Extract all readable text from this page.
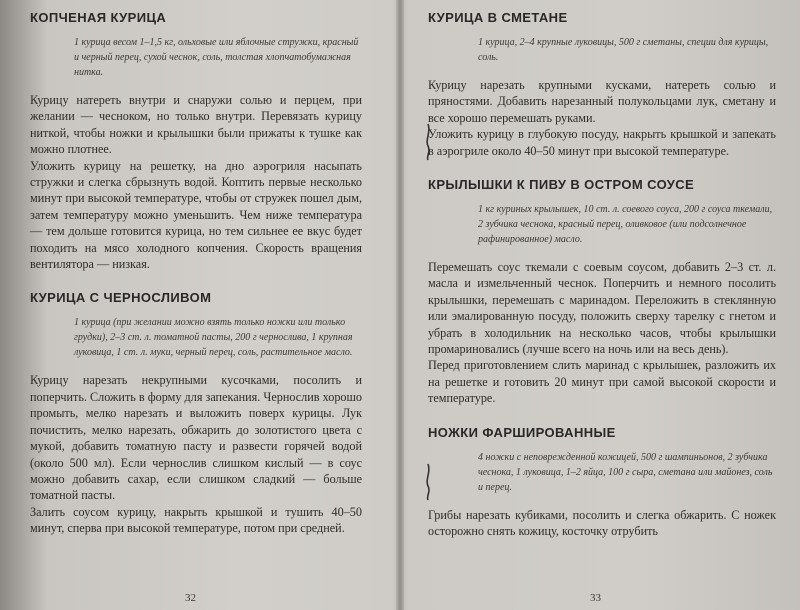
КОПЧЕНАЯ КУРИЦА
1 курица весом 1–1,5 кг, ольховые или яблочные стружки, красный и черный перец, сухой чеснок, соль, толстая хлопчатобумажная нитка.

Курицу натереть внутри и снаружи солью и перцем, при желании — чесноком, но только внутри. Перевязать курицу ниткой, чтобы ножки и крылышки были прижаты к тушке как можно плотнее.

Уложить курицу на решетку, на дно аэрогриля насыпать стружки и слегка сбрызнуть водой. Коптить первые несколько минут при высокой температуре, чтобы от стружек пошел дым, затем температуру можно уменьшить. Чем ниже температура — тем дольше готовится курица, но тем сильнее ее вкус будет походить на мясо холодного копчения. Скорость вращения вентилятора — низкая.

КУРИЦА С ЧЕРНОСЛИВОМ
1 курица (при желании можно взять только ножки или только грудки), 2–3 ст. л. томатной пасты, 200 г чернослива, 1 крупная луковица, 1 ст. л. муки, черный перец, соль, растительное масло.

Курицу нарезать некрупными кусочками, посолить и поперчить. Сложить в форму для запекания. Чернослив хорошо промыть, мелко нарезать и выложить поверх курицы. Лук почистить, мелко нарезать, обжарить до золотистого цвета с мукой, добавить томатную пасту и развести горячей водой (около 500 мл). Если чернослив слишком кислый — в соус можно добавить сахар, если слишком сладкий — больше томатной пасты.

Залить соусом курицу, накрыть крышкой и тушить 40–50 минут, сперва при высокой температуре, потом при средней.

32
КУРИЦА В СМЕТАНЕ
1 курица, 2–4 крупные луковицы, 500 г сметаны, специи для курицы, соль.

Курицу нарезать крупными кусками, натереть солью и пряностями. Добавить нарезанный полукольцами лук, сметану и все хорошо перемешать руками.

Уложить курицу в глубокую посуду, накрыть крышкой и запекать в аэрогриле около 40–50 минут при высокой температуре.

КРЫЛЫШКИ К ПИВУ В ОСТРОМ СОУСЕ
1 кг куриных крылышек, 10 ст. л. соевого соуса, 200 г соуса ткемали, 2 зубчика чеснока, красный перец, оливковое (или подсолнечное рафинированное) масло.

Перемешать соус ткемали с соевым соусом, добавить 2–3 ст. л. масла и измельченный чеснок. Поперчить и немного посолить крылышки, перемешать с маринадом. Переложить в стеклянную или эмалированную посуду, положить сверху тарелку с гнетом и убрать в холодильник на несколько часов, чтобы крылышки промариновались (лучше всего на ночь или на весь день).

Перед приготовлением слить маринад с крылышек, разложить их на решетке и готовить 20 минут при самой высокой скорости и температуре.

НОЖКИ ФАРШИРОВАННЫЕ
4 ножки с неповрежденной кожицей, 500 г шампиньонов, 2 зубчика чеснока, 1 луковица, 1–2 яйца, 100 г сыра, сметана или майонез, соль и перец.

Грибы нарезать кубиками, посолить и слегка обжарить. С ножек осторожно снять кожицу, косточку отрубить

33
